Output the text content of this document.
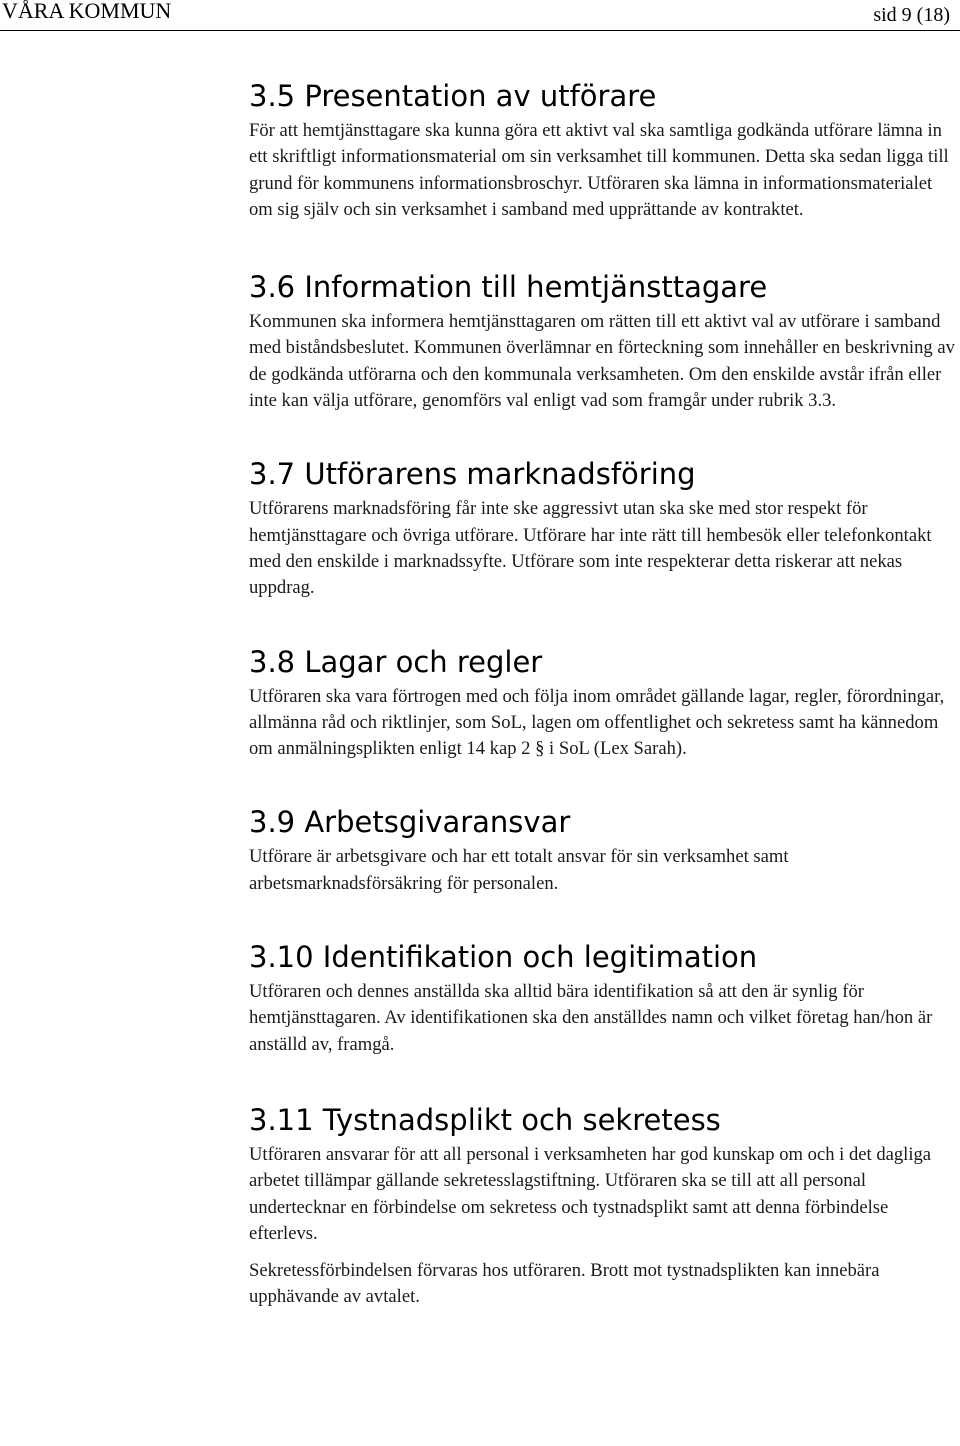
VÅRA KOMMUN	sid 9 (18)
3.5 Presentation av utförare

För att hemtjänsttagare ska kunna göra ett aktivt val ska samtliga godkända utförare lämna in ett skriftligt informationsmaterial om sin verksamhet till kommunen. Detta ska sedan ligga till grund för kommunens informationsbroschyr. Utföraren ska lämna in informationsmaterialet om sig själv och sin verksamhet i samband med upprättande av kontraktet.

3.6 Information till hemtjänsttagare

Kommunen ska informera hemtjänsttagaren om rätten till ett aktivt val av utförare i samband med biståndsbeslutet. Kommunen överlämnar en förteckning som innehåller en beskrivning av de godkända utförarna och den kommunala verksamheten. Om den enskilde avstår ifrån eller inte kan välja utförare, genomförs val enligt vad som framgår under rubrik 3.3.

3.7 Utförarens marknadsföring

Utförarens marknadsföring får inte ske aggressivt utan ska ske med stor respekt för hemtjänsttagare och övriga utförare. Utförare har inte rätt till hembesök eller telefonkontakt med den enskilde i marknadssyfte. Utförare som inte respekterar detta riskerar att nekas uppdrag.

3.8 Lagar och regler

Utföraren ska vara förtrogen med och följa inom området gällande lagar, regler, förordningar, allmänna råd och riktlinjer, som SoL, lagen om offentlighet och sekretess samt ha kännedom om anmälningsplikten enligt 14 kap 2 § i SoL (Lex Sarah).

3.9 Arbetsgivaransvar

Utförare är arbetsgivare och har ett totalt ansvar för sin verksamhet samt arbetsmarknadsförsäkring för personalen.

3.10 Identifikation och legitimation

Utföraren och dennes anställda ska alltid bära identifikation så att den är synlig för hemtjänsttagaren. Av identifikationen ska den anställdes namn och vilket företag han/hon är anställd av, framgå.

3.11 Tystnadsplikt och sekretess

Utföraren ansvarar för att all personal i verksamheten har god kunskap om och i det dagliga arbetet tillämpar gällande sekretesslagstiftning. Utföraren ska se till att all personal undertecknar en förbindelse om sekretess och tystnadsplikt samt att denna förbindelse efterlevs.

Sekretessförbindelsen förvaras hos utföraren. Brott mot tystnadsplikten kan innebära upphävande av avtalet.
